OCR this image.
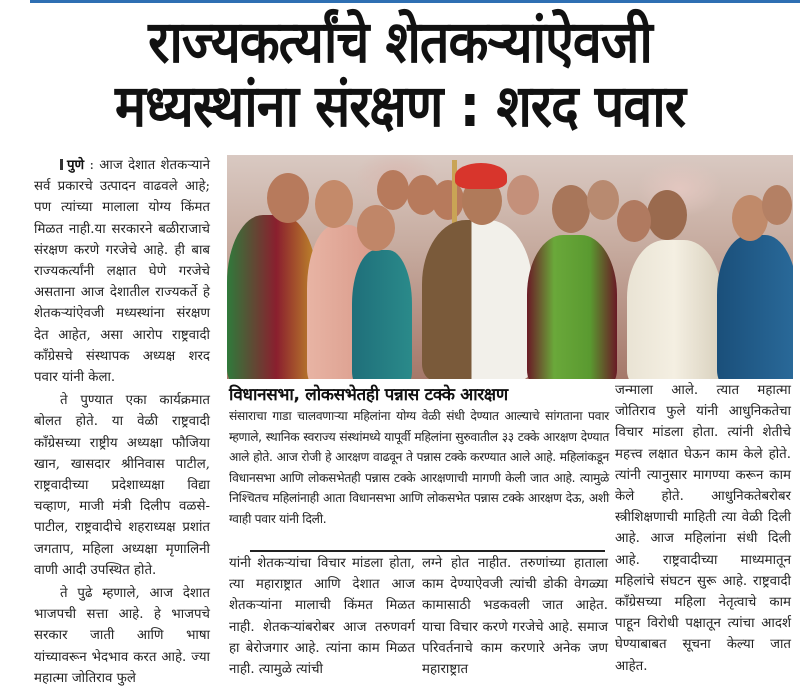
राज्यकर्त्यांचे शेतकऱ्यांऐवजी
मध्यस्थांना संरक्षण : शरद पवार

पुणे : आज देशात शेतकऱ्याने सर्व प्रकारचे उत्पादन वाढवले आहे; पण त्यांच्या मालाला योग्य किंमत मिळत नाही.या सरकारने बळीराजाचे संरक्षण करणे गरजेचे आहे. ही बाब राज्यकर्त्यांनी लक्षात घेणे गरजेचे असताना आज देशातील राज्यकर्ते हे शेतकऱ्यांऐवजी मध्यस्थांना संरक्षण देत आहेत, असा आरोप राष्ट्रवादी कॉंग्रेसचे संस्थापक अध्यक्ष शरद पवार यांनी केला.

ते पुण्यात एका कार्यक्रमात बोलत होते. या वेळी राष्ट्रवादी कॉंग्रेसच्या राष्ट्रीय अध्यक्षा फौजिया खान, खासदार श्रीनिवास पाटील, राष्ट्रवादीच्या प्रदेशाध्यक्षा विद्या चव्हाण, माजी मंत्री दिलीप वळसे-पाटील, राष्ट्रवादीचे शहराध्यक्ष प्रशांत जगताप, महिला अध्यक्षा मृणालिनी वाणी आदी उपस्थित होते.

ते पुढे म्हणाले, आज देशात भाजपची सत्ता आहे. हे भाजपचे सरकार जाती आणि भाषा यांच्यावरून भेदभाव करत आहे. ज्या महात्मा जोतिराव फुले

विधानसभा, लोकसभेतही पन्नास टक्के आरक्षण
संसाराचा गाडा चालवणाऱ्या महिलांना योग्य वेळी संधी देण्यात आल्याचे सांगताना पवार म्हणाले, स्थानिक स्वराज्य संस्थांमध्ये यापूर्वी महिलांना सुरुवातील ३३ टक्के आरक्षण देण्यात आले होते. आज रोजी हे आरक्षण वाढवून ते पन्नास टक्के करण्यात आले आहे. महिलांकडून विधानसभा आणि लोकसभेतही पन्नास टक्के आरक्षणाची मागणी केली जात आहे. त्यामुळे निश्चितच महिलांनाही आता विधानसभा आणि लोकसभेत पन्नास टक्के आरक्षण देऊ, अशी ग्वाही पवार यांनी दिली.

यांनी शेतकऱ्यांचा विचार मांडला होता, त्या महाराष्ट्रात आणि देशात आज शेतकऱ्यांना मालाची किंमत मिळत नाही. शेतकऱ्यांबरोबर आज तरुणवर्ग हा बेरोजगार आहे. त्यांना काम मिळत नाही. त्यामुळे त्यांची

लग्ने होत नाहीत. तरुणांच्या हाताला काम देण्याऐवजी त्यांची डोकी वेगळ्या कामासाठी भडकवली जात आहेत. याचा विचार करणे गरजेचे आहे. समाज परिवर्तनाचे काम करणारे अनेक जण महाराष्ट्रात

जन्माला आले. त्यात महात्मा जोतिराव फुले यांनी आधुनिकतेचा विचार मांडला होता. त्यांनी शेतीचे महत्त्व लक्षात घेऊन काम केले होते. त्यांनी त्यानुसार मागण्या करून काम केले होते. आधुनिकतेबरोबर स्त्रीशिक्षणाची माहिती त्या वेळी दिली आहे. आज महिलांना संधी दिली आहे. राष्ट्रवादीच्या माध्यमातून महिलांचे संघटन सुरू आहे. राष्ट्रवादी कॉंग्रेसच्या महिला नेतृत्वाचे काम पाहून विरोधी पक्षातून त्यांचा आदर्श घेण्याबाबत सूचना केल्या जात आहेत.
